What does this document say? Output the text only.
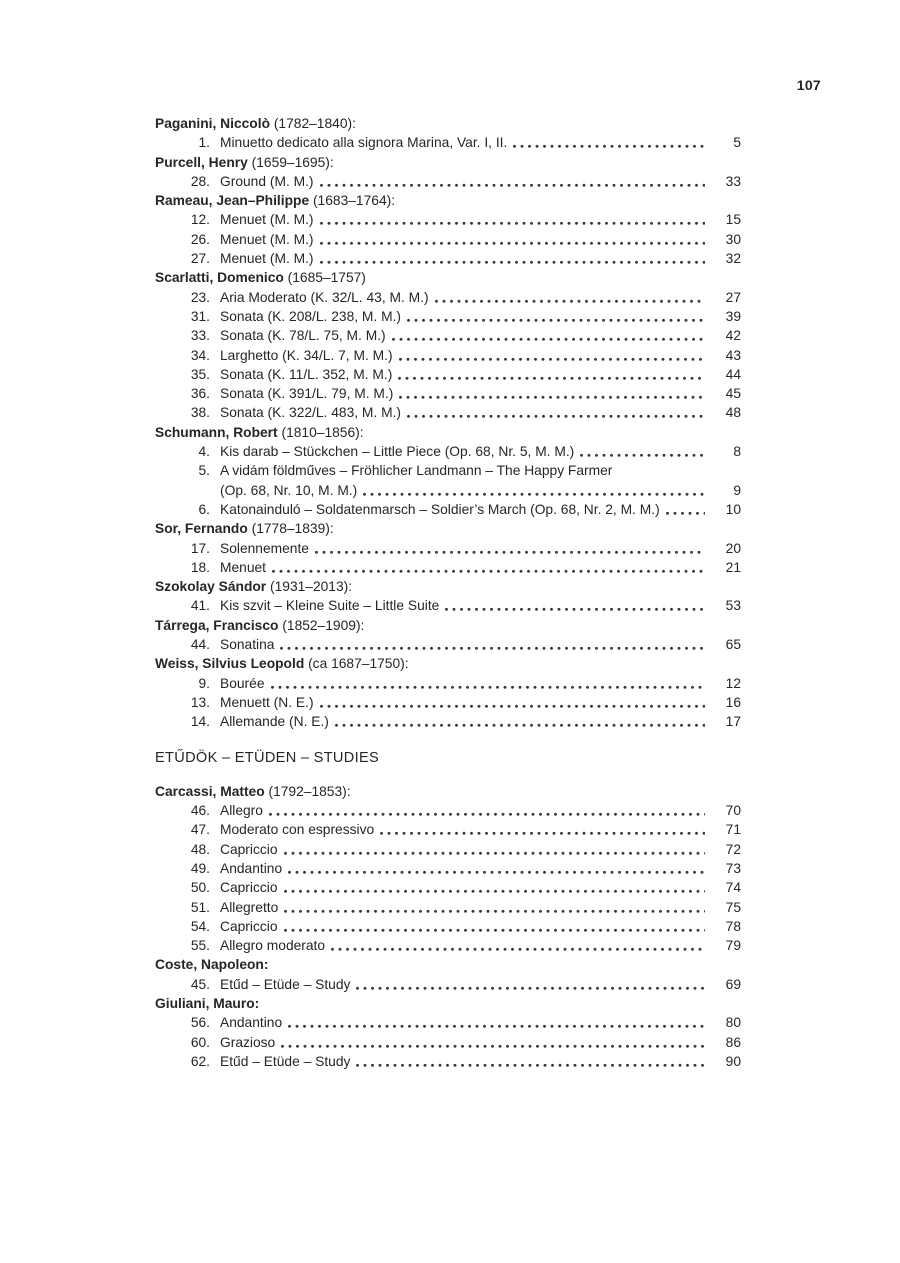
107
Paganini, Niccolò (1782–1840):
1. Minuetto dedicato alla signora Marina, Var. I, II.	5
Purcell, Henry (1659–1695):
28. Ground (M. M.)	33
Rameau, Jean–Philippe (1683–1764):
12. Menuet (M. M.)	15
26. Menuet (M. M.)	30
27. Menuet (M. M.)	32
Scarlatti, Domenico (1685–1757)
23. Aria Moderato (K. 32/L. 43, M. M.)	27
31. Sonata (K. 208/L. 238, M. M.)	39
33. Sonata (K. 78/L. 75, M. M.)	42
34. Larghetto (K. 34/L. 7, M. M.)	43
35. Sonata (K. 11/L. 352, M. M.)	44
36. Sonata (K. 391/L. 79, M. M.)	45
38. Sonata (K. 322/L. 483, M. M.)	48
Schumann, Robert (1810–1856):
4. Kis darab – Stückchen – Little Piece (Op. 68, Nr. 5, M. M.)	8
5. A vidám földműves – Fröhlicher Landmann – The Happy Farmer
(Op. 68, Nr. 10, M. M.)	9
6. Katonainduló – Soldatenmarsch – Soldier’s March (Op. 68, Nr. 2, M. M.)	10
Sor, Fernando (1778–1839):
17. Solennemente	20
18. Menuet	21
Szokolay Sándor (1931–2013):
41. Kis szvit – Kleine Suite – Little Suite	53
Tárrega, Francisco (1852–1909):
44. Sonatina	65
Weiss, Silvius Leopold (ca 1687–1750):
9. Bourée	12
13. Menuett (N. E.)	16
14. Allemande (N. E.)	17
ETŰDÖK – ETÜDEN – STUDIES
Carcassi, Matteo (1792–1853):
46. Allegro	70
47. Moderato con espressivo	71
48. Capriccio	72
49. Andantino	73
50. Capriccio	74
51. Allegretto	75
54. Capriccio	78
55. Allegro moderato	79
Coste, Napoleon:
45. Etűd – Etüde – Study	69
Giuliani, Mauro:
56. Andantino	80
60. Grazioso	86
62. Etűd – Etüde – Study	90
